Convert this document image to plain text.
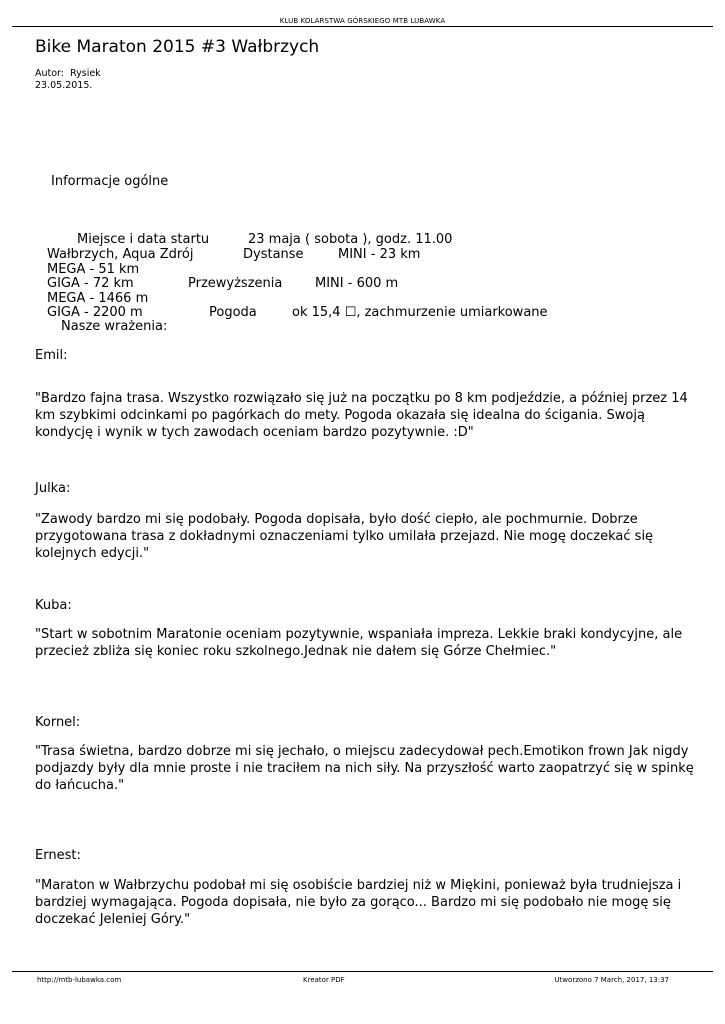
KLUB KOLARSTWA GÓRSKIEGO MTB LUBAWKA
Bike Maraton 2015 #3 Wałbrzych
Autor: Rysiek
23.05.2015.
Informacje ogólne
Miejsce i data startu	23 maja ( sobota ), godz. 11.00
Wałbrzych, Aqua Zdrój	Dystanse	MINI - 23 km
MEGA - 51 km
GIGA - 72 km	Przewyższenia	MINI - 600 m
MEGA - 1466 m
GIGA - 2200 m	Pogoda	ok 15,4 ☐, zachmurzenie umiarkowane
Nasze wrażenia:
Emil:
"Bardzo fajna trasa. Wszystko rozwiązało się już na początku po 8 km podjeździe, a później przez 14 km szybkimi odcinkami po pagórkach do mety. Pogoda okazała się idealna do ścigania. Swoją kondycję i wynik w tych zawodach oceniam bardzo pozytywnie. :D"
Julka:
"Zawody bardzo mi się podobały. Pogoda dopisała, było dość ciepło, ale pochmurnie. Dobrze przygotowana trasa z dokładnymi oznaczeniami tylko umilała przejazd. Nie mogę doczekać się kolejnych edycji."
Kuba:
"Start w sobotnim Maratonie oceniam pozytywnie, wspaniała impreza. Lekkie braki kondycyjne, ale przecież zbliża się koniec roku szkolnego.Jednak nie dałem się Górze Chełmiec."
Kornel:
"Trasa świetna, bardzo dobrze mi się jechało, o miejscu zadecydował pech.Emotikon frown Jak nigdy podjazdy były dla mnie proste i nie traciłem na nich siły. Na przyszłość warto zaopatrzyć się w spinkę do łańcucha."
Ernest:
"Maraton w Wałbrzychu podobał mi się osobiście bardziej niż w Miękini, ponieważ była trudniejsza i bardziej wymagająca. Pogoda dopisała, nie było za gorąco... Bardzo mi się podobało nie mogę się doczekać Jeleniej Góry."
http://mtb-lubawka.com	Kreator PDF	Utworzono 7 March, 2017, 13:37
